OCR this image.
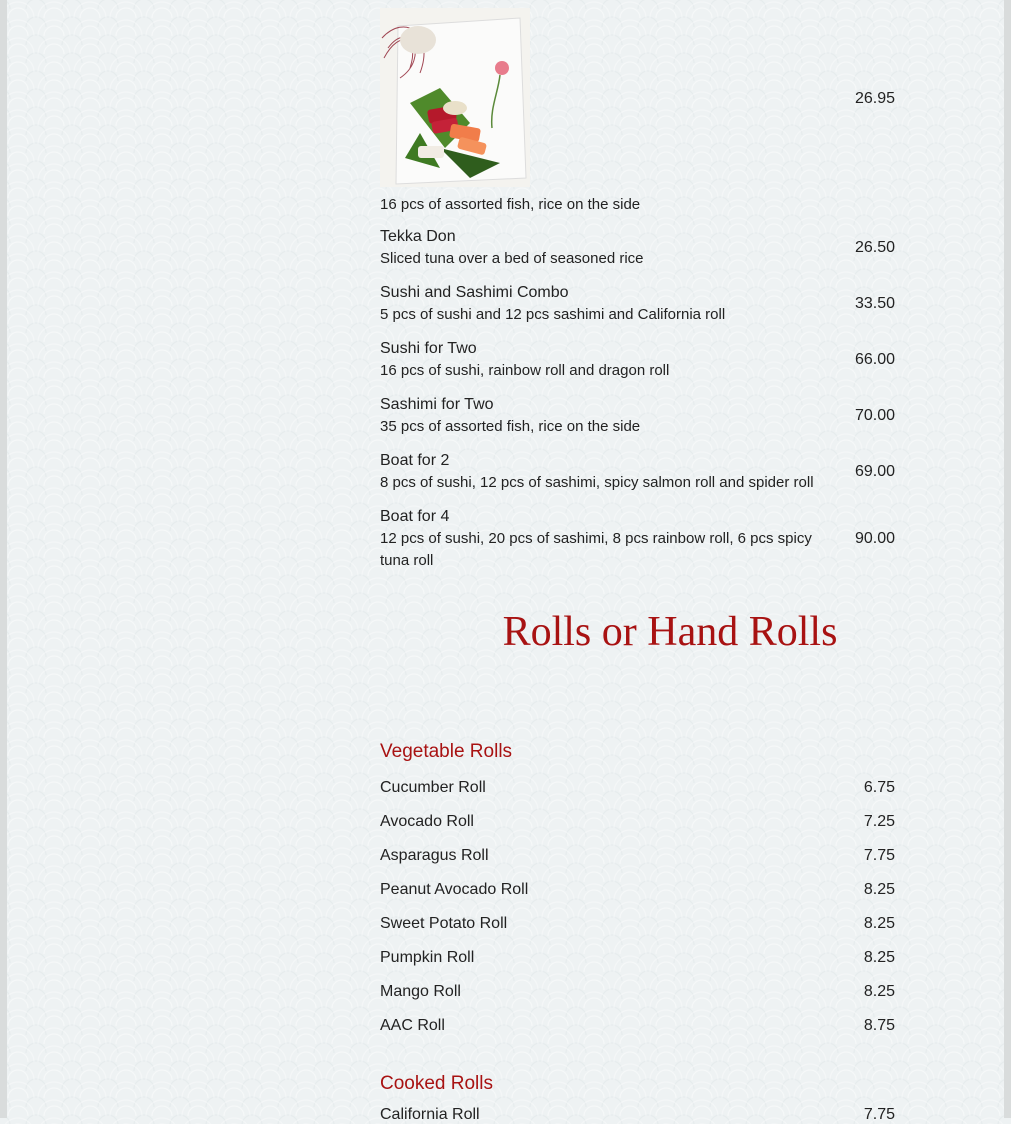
16 pcs of assorted fish, rice on the side
26.95
Tekka Don
Sliced tuna over a bed of seasoned rice
26.50
Sushi and Sashimi Combo
5 pcs of sushi and 12 pcs sashimi and California roll
33.50
Sushi for Two
16 pcs of sushi, rainbow roll and dragon roll
66.00
Sashimi for Two
35 pcs of assorted fish, rice on the side
70.00
Boat for 2
8 pcs of sushi, 12 pcs of sashimi, spicy salmon roll and spider roll
69.00
Boat for 4
12 pcs of sushi, 20 pcs of sashimi, 8 pcs rainbow roll, 6 pcs spicy tuna roll
90.00
Rolls or Hand Rolls
Vegetable Rolls
Cucumber Roll	6.75
Avocado Roll	7.25
Asparagus Roll	7.75
Peanut Avocado Roll	8.25
Sweet Potato Roll	8.25
Pumpkin Roll	8.25
Mango Roll	8.25
AAC Roll	8.75
Cooked Rolls
California Roll	7.75
